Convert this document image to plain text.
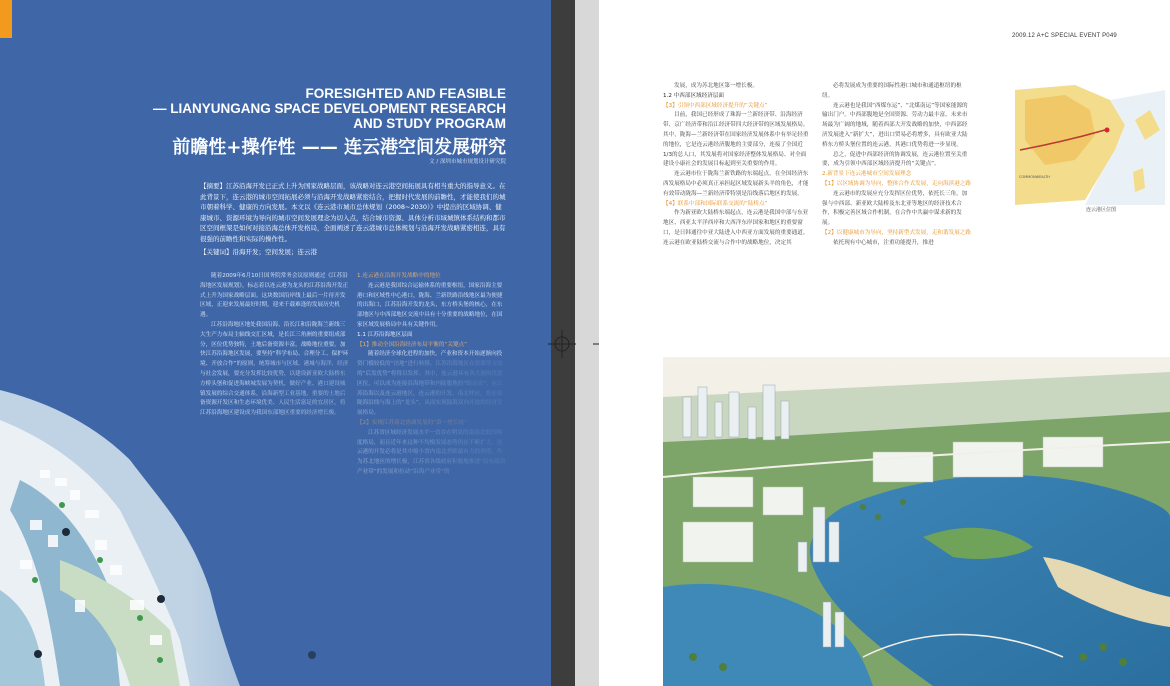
FORESIGHTED AND FEASIBLE
— LIANYUNGANG SPACE DEVELOPMENT RESEARCH
AND STUDY PROGRAM
前瞻性+操作性 —— 连云港空间发展研究
文 / 深圳市城市规划设计研究院
【摘要】江苏沿海开发已正式上升为国家战略层面，该战略对连云港空间拓展具有相当重大的指导意义。在此背景下，连云港的城市空间拓展必须与沿海开发战略紧密结合，把握时代发展的前瞻性，才能使我们的城市朝着科学、健康的方向发展。本文以《连云港市城市总体规划（2008~2030）》中提出的区域协调、健康城市、资源环境为导向的城市空间发展理念为切入点，结合城市资源、具体分析市域城镇体系结构和都市区空间框架是如何对接沿海总体开发格局，全面阐述了连云港城市总体规划与沿海开发战略紧密相连，具有很强的前瞻性和实际的操作性。
【关键词】沿海开发；空间发展；连云港

随着2009年6月10日国务院常务会议原则通过《江苏沿海地区发展规划》，标志着以连云港为龙头的江苏沿海开发正式上升为国家战略层面。这块数国沿岸线上最后一片待开发区域，正迎来发展最好时期，迎来千载难逢的发展历史机遇。

江苏沿海地区地处我国沿海、沿长江和沿陇海兰新线三大生产力布局主轴线交汇区域，是长江三角洲的重要组成部分，区位优势独特，土地后备资源丰富，战略地位重要。加快江苏沿海地区发展，要坚持“科学布局、合理分工、保护环

1.连云港在沿海开发战略中的地位

连云港是我国综合运输体系的重要枢纽，国家沿海主要港口和区域性中心港口，陇海、兰新铁路沿线地区最为便捷的出海口，江苏沿海开发的龙头，东方桥头堡的核心，在东部地区与中西部地区交流中具有十分重要的战略地位，在国家区域发展格局中具有关键作用。

1.1 江苏沿海地区层面

【1】推动全国沿海经济布局平衡的“关键点”

随着经济全球化进程的加快，产业和资本开始逐渐向投

2009.12 A+C SPECIAL EVENT P049

发展，成为苏北地区第一增长极。

1.2 中西部区域经济层面

【3】引领中西部区域经济提升的“关键点”

目前，我国已经形成了珠海一兰新经济带、沿海经济带、京广经济带和沿江经济带四大经济带的区域发展格局。其中，陇海—兰新经济带在国家经济发展体系中有举足轻重的地位，它是连云港经济腹地的主要部分，连接了全国近1/3的总人口，其发展将对国家经济整体发展格局、对全面建设小康社会的发展目标起到至关重要的作用。

连云港市位于陇海兰新铁路的东端起点，在全国经济东西发展格局中必须真正承担起区域发展新头羊的角色，才能有效带动陇海—兰新经济带特别是沿线落后地区的发展。

【4】联系中部和国际联系交流的“陆桥点”

作为新亚欧大陆桥东端起点，连云港是我国中部与东亚地区、西亚太平洋西岸和大西洋东岸国家和地区的重要窗口，是日韩通往中亚大陆进入中西亚方面发展的重要通道。连云港在欧亚陆桥交流与合作中的战略地位，决定其

必将发展成为重要的国际性港口城市和通道枢纽的枢纽。

连云港也是我国“西煤东运”、“北煤南运”等国家能源的输出门户。中西部腹地是全国资源、劳动力最丰富，未来市场最为广阔的地域，随着西部大开发战略的加快，中西部经济发展进入“新扩大”，进出口贸易必将增多，具有欧亚大陆桥东方桥头堡位置的连云港，其港口优势将进一步显现。

总之，促进中西部经济的协调发展，连云港位置至关重要，成为引领中西部区域经济提升的“关键点”。

2.新背景下连云港城市空间发展理念

【1】以区域协调为导向，整体合作式发展，走向海滨港之路

连云港市的发展应充分发挥区位优势，依托长三角，加强与中西部、新亚欧大陆桥及东北亚等地区的经济技术合作，积极完善区域合作机制，在合作中共赢中谋求新的发展。

【2】以健康城市为导向，坚持新型式发展，走和谐发展之路

依托现有中心城市，注重功能提升，推进

COMMONWEALTH
连云港区位图
